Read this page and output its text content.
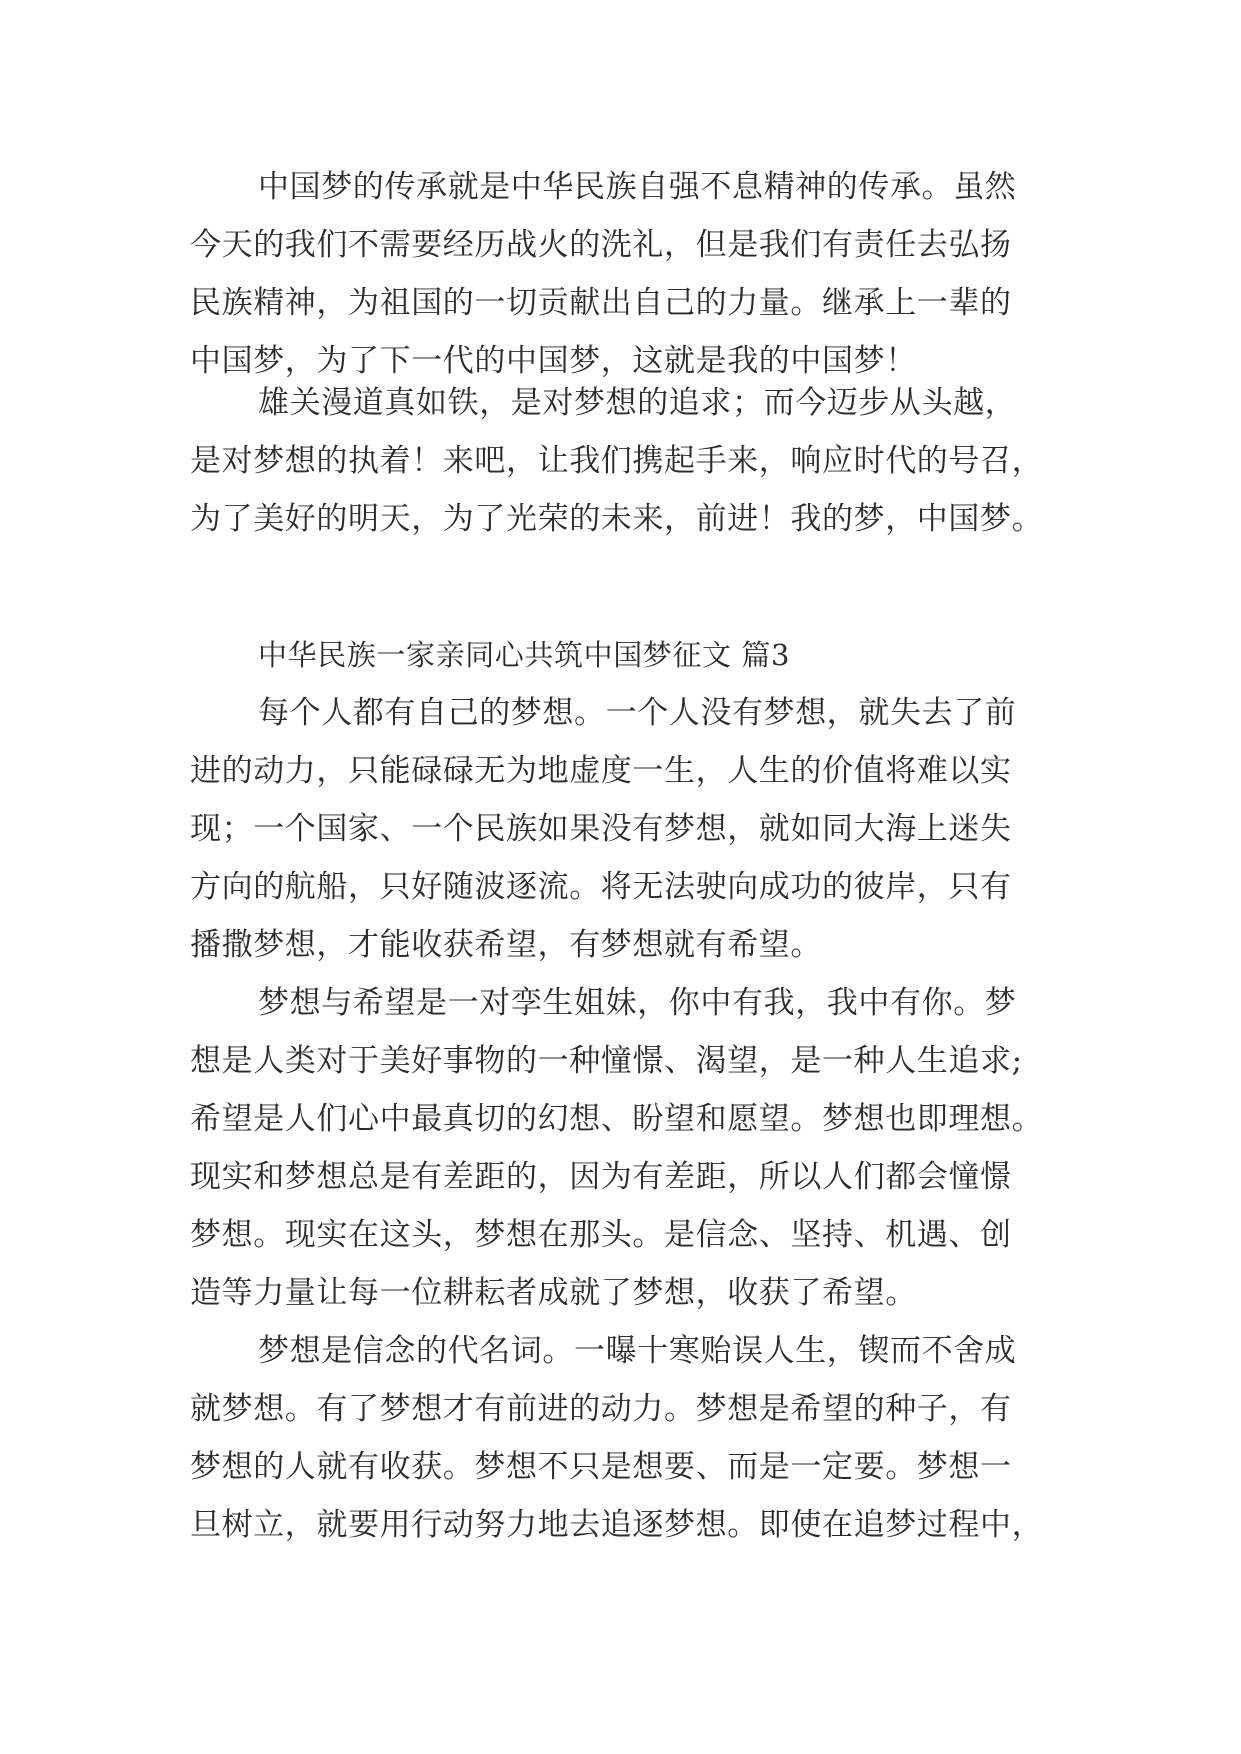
中国梦的传承就是中华民族自强不息精神的传承。虽然
今天的我们不需要经历战火的洗礼，但是我们有责任去弘扬
民族精神，为祖国的一切贡献出自己的力量。继承上一辈的
中国梦，为了下一代的中国梦，这就是我的中国梦！
雄关漫道真如铁，是对梦想的追求；而今迈步从头越，
是对梦想的执着！来吧，让我们携起手来，响应时代的号召，
为了美好的明天，为了光荣的未来，前进！我的梦，中国梦。
中华民族一家亲同心共筑中国梦征文 篇3
每个人都有自己的梦想。一个人没有梦想，就失去了前
进的动力，只能碌碌无为地虚度一生，人生的价值将难以实
现；一个国家、一个民族如果没有梦想，就如同大海上迷失
方向的航船，只好随波逐流。将无法驶向成功的彼岸，只有
播撒梦想，才能收获希望，有梦想就有希望。
梦想与希望是一对孪生姐妹，你中有我，我中有你。梦
想是人类对于美好事物的一种憧憬、渴望，是一种人生追求;
希望是人们心中最真切的幻想、盼望和愿望。梦想也即理想。
现实和梦想总是有差距的，因为有差距，所以人们都会憧憬
梦想。现实在这头，梦想在那头。是信念、坚持、机遇、创
造等力量让每一位耕耘者成就了梦想，收获了希望。
梦想是信念的代名词。一曝十寒贻误人生，锲而不舍成
就梦想。有了梦想才有前进的动力。梦想是希望的种子，有
梦想的人就有收获。梦想不只是想要、而是一定要。梦想一
旦树立，就要用行动努力地去追逐梦想。即使在追梦过程中，
